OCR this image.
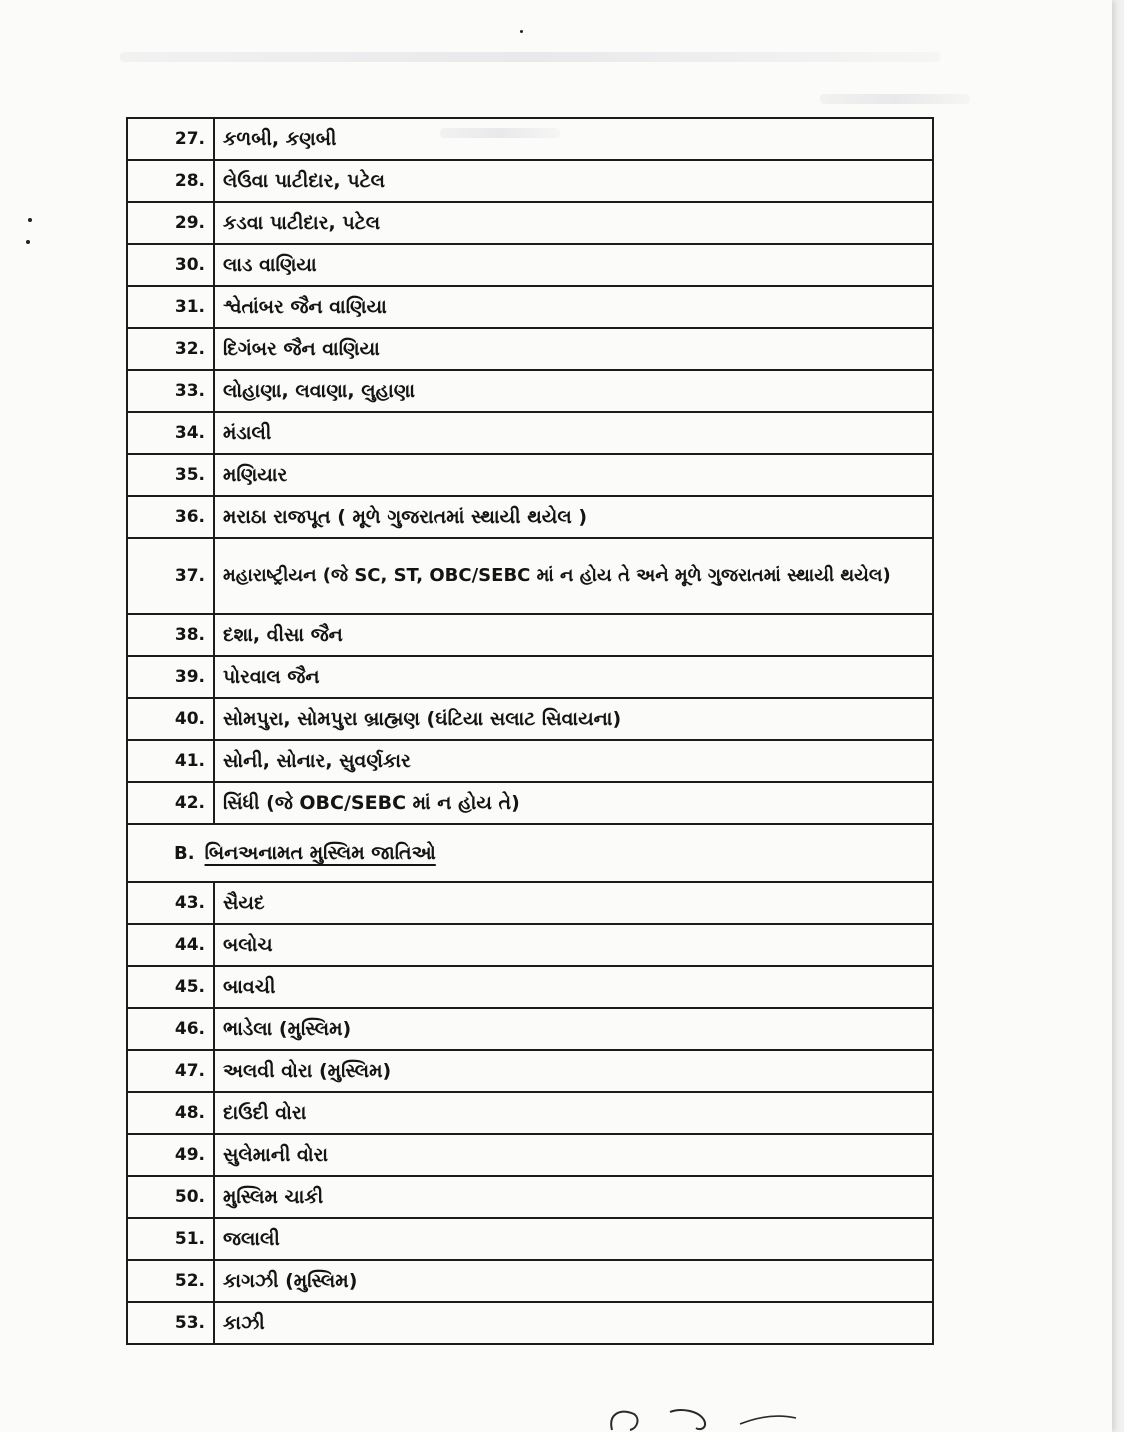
27.	કળબી, કણબી
28.	લેઉવા પાટીદાર, પટેલ
29.	કડવા પાટીદાર, પટેલ
30.	લાડ વાણિયા
31.	શ્વેતાંબર જૈન વાણિયા
32.	દિગંબર જૈન વાણિયા
33.	લોહાણા, લવાણા, લુહાણા
34.	મંડાલી
35.	મણિયાર
36.	મરાઠા રાજપૂત ( મૂળે ગુજરાતમાં સ્થાયી થયેલ )
37.	મહારાષ્ટ્રીયન (જે SC, ST, OBC/SEBC માં ન હોય તે અને મૂળે ગુજરાતમાં સ્થાયી થયેલ)
38.	દશા, વીસા જૈન
39.	પોરવાલ જૈન
40.	સોમપુરા, સોમપુરા બ્રાહ્મણ (ઘંટિયા સલાટ સિવાયના)
41.	સોની, સોનાર, સુવર્ણકાર
42.	સિંધી (જે OBC/SEBC માં ન હોય તે)
B. બિનઅનામત મુસ્લિમ જાતિઓ	
43.	સૈયદ
44.	બલોચ
45.	બાવચી
46.	ભાડેલા (મુસ્લિમ)
47.	અલવી વોરા (મુસ્લિમ)
48.	દાઉદી વોરા
49.	સુલેમાની વોરા
50.	મુસ્લિમ ચાકી
51.	જલાલી
52.	કાગઝી (મુસ્લિમ)
53.	કાઝી
